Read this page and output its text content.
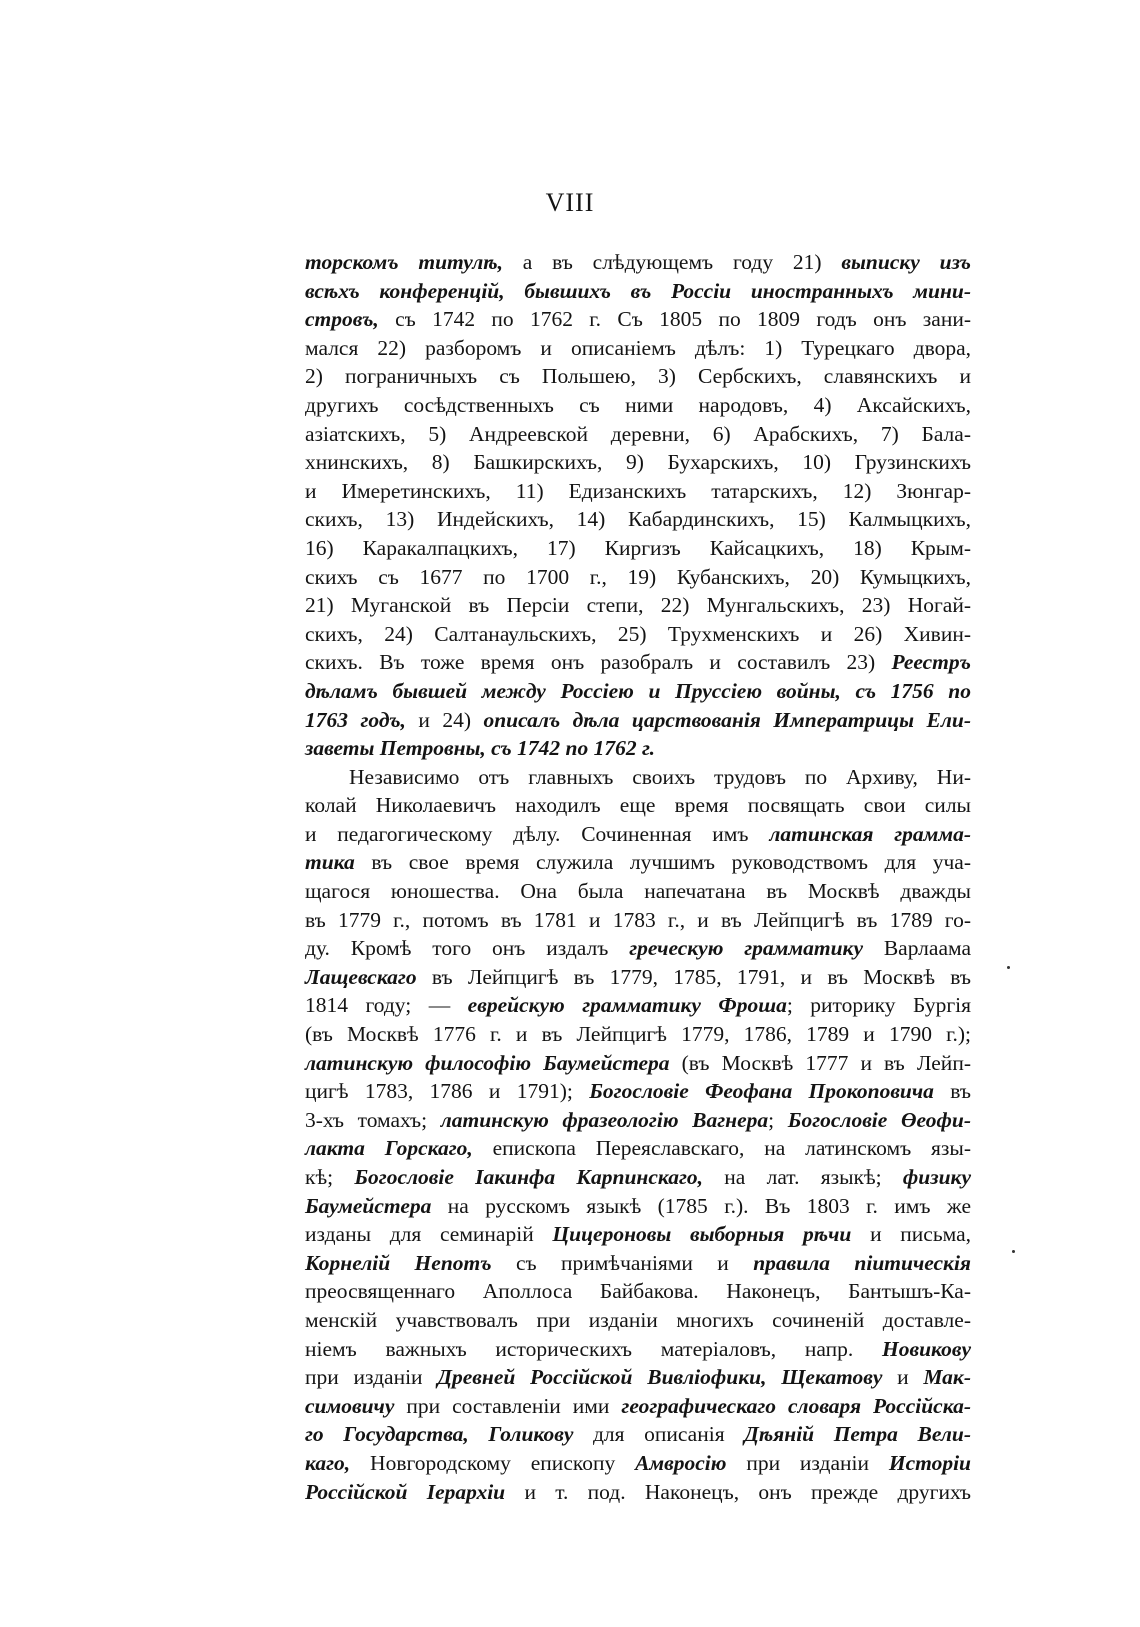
VIII
торскомъ титулѣ, а въ слѣдующемъ году 21) выписку изъ
всѣхъ конференцій, бывшихъ въ Россіи иностранныхъ мини-
стровъ, съ 1742 по 1762 г. Съ 1805 по 1809 годъ онъ зани-
мался 22) разборомъ и описаніемъ дѣлъ: 1) Турецкаго двора,
2) пограничныхъ съ Польшею, 3) Сербскихъ, славянскихъ и
другихъ сосѣдственныхъ съ ними народовъ, 4) Аксайскихъ,
азіатскихъ, 5) Андреевской деревни, 6) Арабскихъ, 7) Бала-
хнинскихъ, 8) Башкирскихъ, 9) Бухарскихъ, 10) Грузинскихъ
и Имеретинскихъ, 11) Едизанскихъ татарскихъ, 12) Зюнгар-
скихъ, 13) Индейскихъ, 14) Кабардинскихъ, 15) Калмыцкихъ,
16) Каракалпацкихъ, 17) Киргизъ Кайсацкихъ, 18) Крым-
скихъ съ 1677 по 1700 г., 19) Кубанскихъ, 20) Кумыцкихъ,
21) Муганской въ Персіи степи, 22) Мунгальскихъ, 23) Ногай-
скихъ, 24) Салтанаульскихъ, 25) Трухменскихъ и 26) Хивин-
скихъ. Въ тоже время онъ разобралъ и составилъ 23) Реестръ
дѣламъ бывшей между Россіею и Пруссіею войны, съ 1756 по
1763 годъ, и 24) описалъ дѣла царствованія Императрицы Ели-
заветы Петровны, съ 1742 по 1762 г.
Независимо отъ главныхъ своихъ трудовъ по Архиву, Ни-
колай Николаевичъ находилъ еще время посвящать свои силы
и педагогическому дѣлу. Сочиненная имъ латинская грамма-
тика въ свое время служила лучшимъ руководствомъ для уча-
щагося юношества. Она была напечатана въ Москвѣ дважды
въ 1779 г., потомъ въ 1781 и 1783 г., и въ Лейпцигѣ въ 1789 го-
ду. Кромѣ того онъ издалъ греческую грамматику Варлаама
Лащевскаго въ Лейпцигѣ въ 1779, 1785, 1791, и въ Москвѣ въ
1814 году; — еврейскую грамматику Фроша; риторику Бургія
(въ Москвѣ 1776 г. и въ Лейпцигѣ 1779, 1786, 1789 и 1790 г.);
латинскую философію Баумейстера (въ Москвѣ 1777 и въ Лейп-
цигѣ 1783, 1786 и 1791); Богословіе Феофана Прокоповича въ
3-хъ томахъ; латинскую фразеологію Вагнера; Богословіе Өеофи-
лакта Горскаго, епископа Переяславскаго, на латинскомъ язы-
кѣ; Богословіе Іакинфа Карпинскаго, на лат. языкѣ; физику
Баумейстера на русскомъ языкѣ (1785 г.). Въ 1803 г. имъ же
изданы для семинарій Цицероновы выборныя рѣчи и письма,
Корнелій Непотъ съ примѣчаніями и правила піитическія
преосвященнаго Аполлоса Байбакова. Наконецъ, Бантышъ-Ка-
менскій учавствовалъ при изданіи многихъ сочиненій доставле-
ніемъ важныхъ историческихъ матеріаловъ, напр. Новикову
при изданіи Древней Россійской Вивліофики, Щекатову и Мак-
симовичу при составленіи ими географическаго словаря Россійска-
го Государства, Голикову для описанія Дѣяній Петра Вели-
каго, Новгородскому епископу Амвросію при изданіи Исторіи
Россійской Іерархіи и т. под. Наконецъ, онъ прежде другихъ
